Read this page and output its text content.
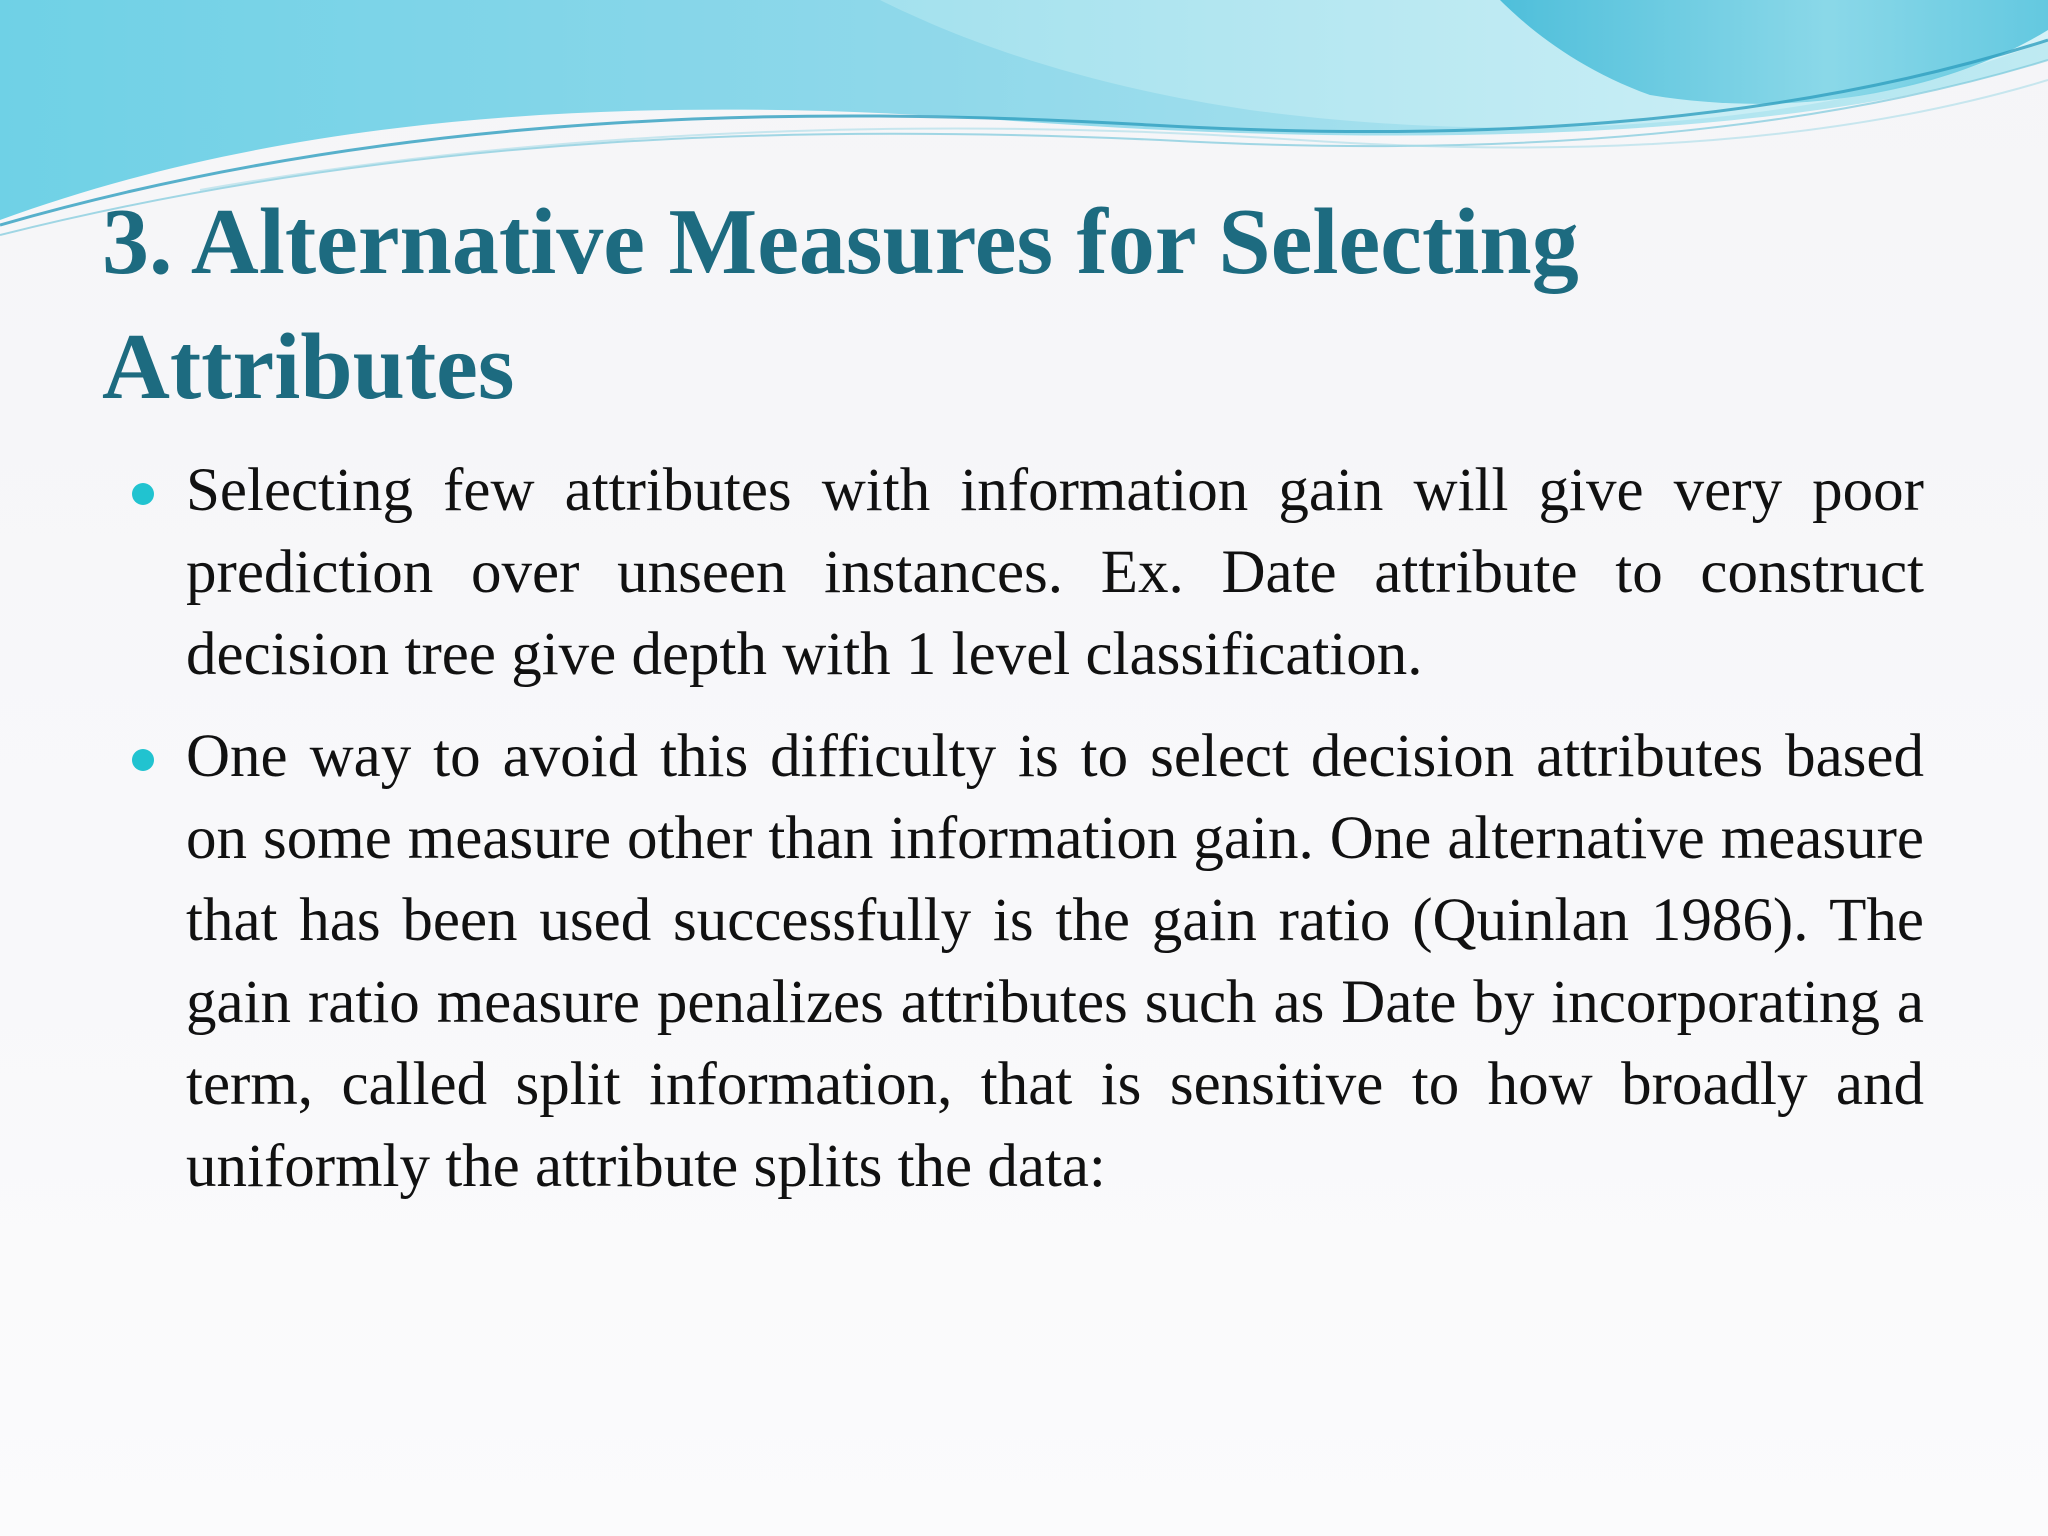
3. Alternative Measures for Selecting Attributes
Selecting few attributes with information gain will give very poor prediction over unseen instances. Ex. Date attribute to construct decision tree give depth with 1 level classification.
One way to avoid this difficulty is to select decision attributes based on some measure other than information gain. One alternative measure that has been used successfully is the gain ratio (Quinlan 1986). The gain ratio measure penalizes attributes such as Date by incorporating a term, called split information, that is sensitive to how broadly and uniformly the attribute splits the data:
